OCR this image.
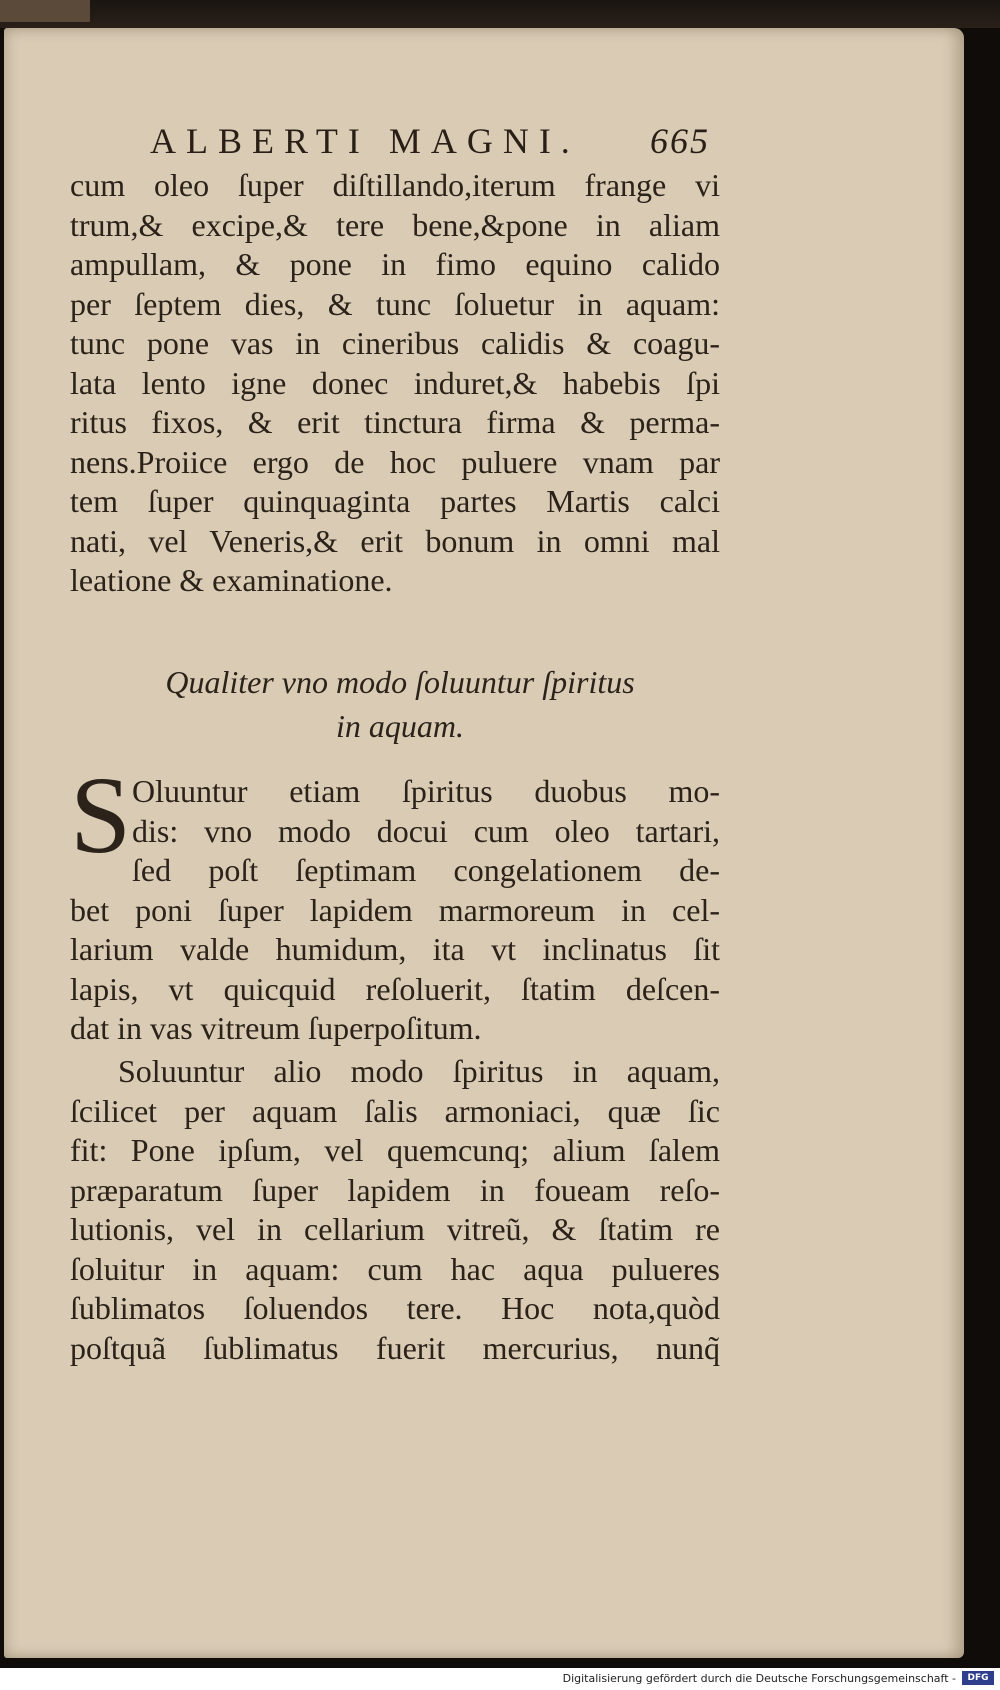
ALBERTI MAGNI. 665
cum oleo ſuper diſtillando,iterum frange vi
trum,& excipe,& tere bene,&pone in aliam
ampullam, & pone in fimo equino calido
per ſeptem dies, & tunc ſoluetur in aquam:
tunc pone vas in cineribus calidis & coagu-
lata lento igne donec induret,& habebis ſpi
ritus fixos, & erit tinctura firma & perma-
nens.Proiice ergo de hoc puluere vnam par
tem ſuper quinquaginta partes Martis calci
nati, vel Veneris,& erit bonum in omni mal
leatione & examinatione.
Qualiter vno modo ſoluuntur ſpiritus
in aquam.
S Oluuntur etiam ſpiritus duobus mo-
dis: vno modo docui cum oleo tartari,
ſed poſt ſeptimam congelationem de-
bet poni ſuper lapidem marmoreum in cel-
larium valde humidum, ita vt inclinatus ſit
lapis, vt quicquid reſoluerit, ſtatim deſcen-
dat in vas vitreum ſuperpoſitum.
Soluuntur alio modo ſpiritus in aquam,
ſcilicet per aquam ſalis armoniaci, quæ ſic
fit: Pone ipſum, vel quemcunq; alium ſalem
præparatum ſuper lapidem in foueam reſo-
lutionis, vel in cellarium vitreũ, & ſtatim re
ſoluitur in aquam: cum hac aqua pulueres
ſublimatos ſoluendos tere. Hoc nota,quòd
poſtquã ſublimatus fuerit mercurius, nunq̃
Digitalisierung gefördert durch die Deutsche Forschungsgemeinschaft -	DFG
